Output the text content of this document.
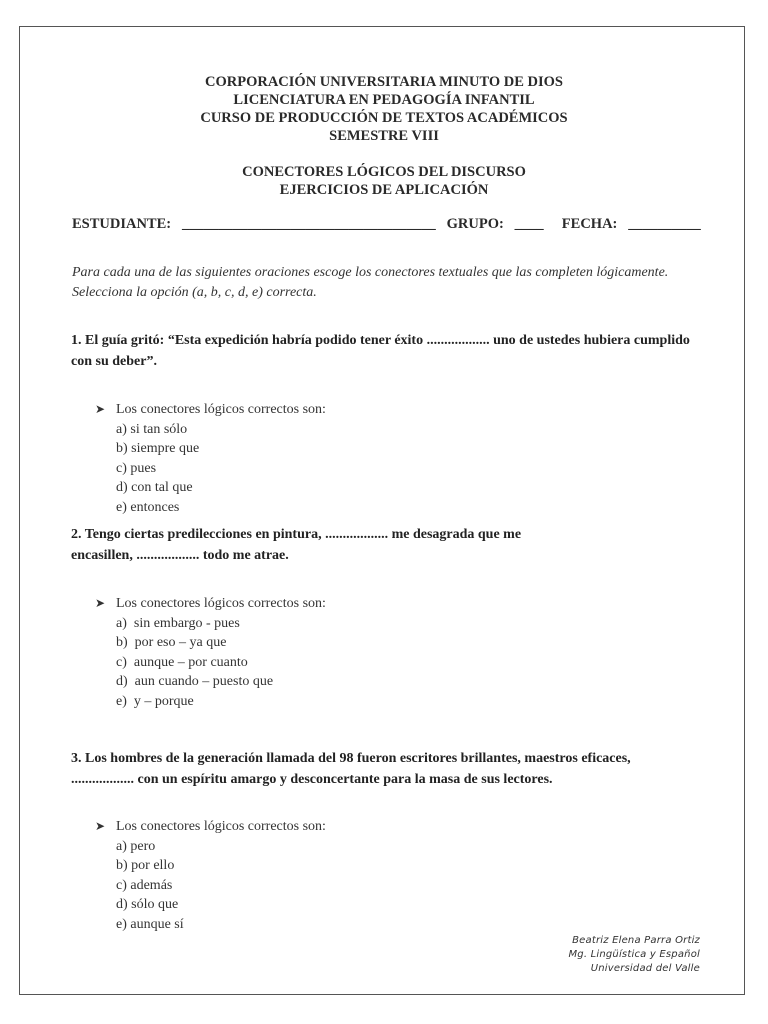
CORPORACIÓN UNIVERSITARIA MINUTO DE DIOS
LICENCIATURA EN PEDAGOGÍA INFANTIL
CURSO DE PRODUCCIÓN DE TEXTOS ACADÉMICOS
SEMESTRE VIII
CONECTORES LÓGICOS DEL DISCURSO
EJERCICIOS DE APLICACIÓN
ESTUDIANTE: ___________________________________ GRUPO: ____ FECHA: __________
Para cada una de las siguientes oraciones escoge los conectores textuales que las completen lógicamente. Selecciona la opción (a, b, c, d, e) correcta.
1. El guía gritó: “Esta expedición habría podido tener éxito .................. uno de ustedes hubiera cumplido con su deber”.
➤ Los conectores lógicos correctos son:
a) si tan sólo
b) siempre que
c) pues
d) con tal que
e) entonces
2. Tengo ciertas predilecciones en pintura, .................. me desagrada que me
encasillen, .................. todo me atrae.
➤ Los conectores lógicos correctos son:
a)  sin embargo - pues
b)  por eso – ya que
c)  aunque – por cuanto
d)  aun cuando – puesto que
e)  y – porque
3. Los hombres de la generación llamada del 98 fueron escritores brillantes, maestros eficaces, .................. con un espíritu amargo y desconcertante para la masa de sus lectores.
➤ Los conectores lógicos correctos son:
a) pero
b) por ello
c) además
d) sólo que
e) aunque sí
Beatriz Elena Parra Ortiz
Mg. Lingüística y Español
Universidad del Valle
